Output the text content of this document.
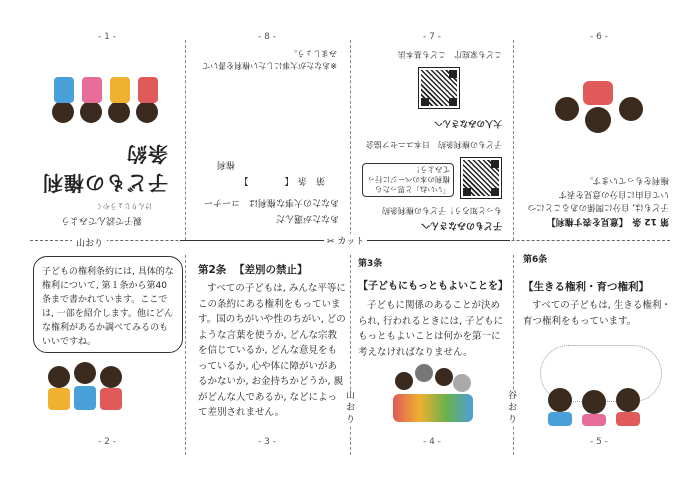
- 1 -	- 8 -	- 7 -	- 6 -
- 2 -	- 3 -	- 4 -	- 5 -
山おり	✂ カット
親子で読んでみよう
けんりじょうやく
子どもの権利条約
あなたが選んだ
あなたの大事な権利は　コーナー
第　条　【　　　　】
権利
※あなたが大事にしたい権利を書いて
みましょう。
子どものみなさんへ
もっと知ろう！子どもの権利条約
「いいね」と思ったら　権利の本のページに行ってみよう！
子どもの権利条約　日本ユニセフ協会
大人のみなさんへ
こども家庭庁　こども基本法
第 12 条　【意見を表す権利】
子どもは, 自分に関係のあることについて自由に自分の意見を表す
権利をもっています。
子どもの権利条約には, 具体的な権利について, 第１条から第40条まで書かれています。ここでは, 一部を紹介します。他にどんな権利があるか調べてみるのもいいですね。
第2条 【差別の禁止】
すべての子どもは, みんな平等にこの条約にある権利をもっています。国のちがいや性のちがい, どのような言葉を使うか, どんな宗教を信じているか, どんな意見をもっているか, 心や体に障がいがあるかないか, お金持ちかどうか, 親がどんな人であるか, などによって差別されません。
第3条
【子どもにもっともよいことを】
子どもに関係のあることが決められ, 行われるときには, 子どもにもっともよいことは何かを第一に考えなければなりません。
山おり
谷おり
第6条
【生きる権利・育つ権利】
すべての子どもは, 生きる権利・育つ権利をもっています。
